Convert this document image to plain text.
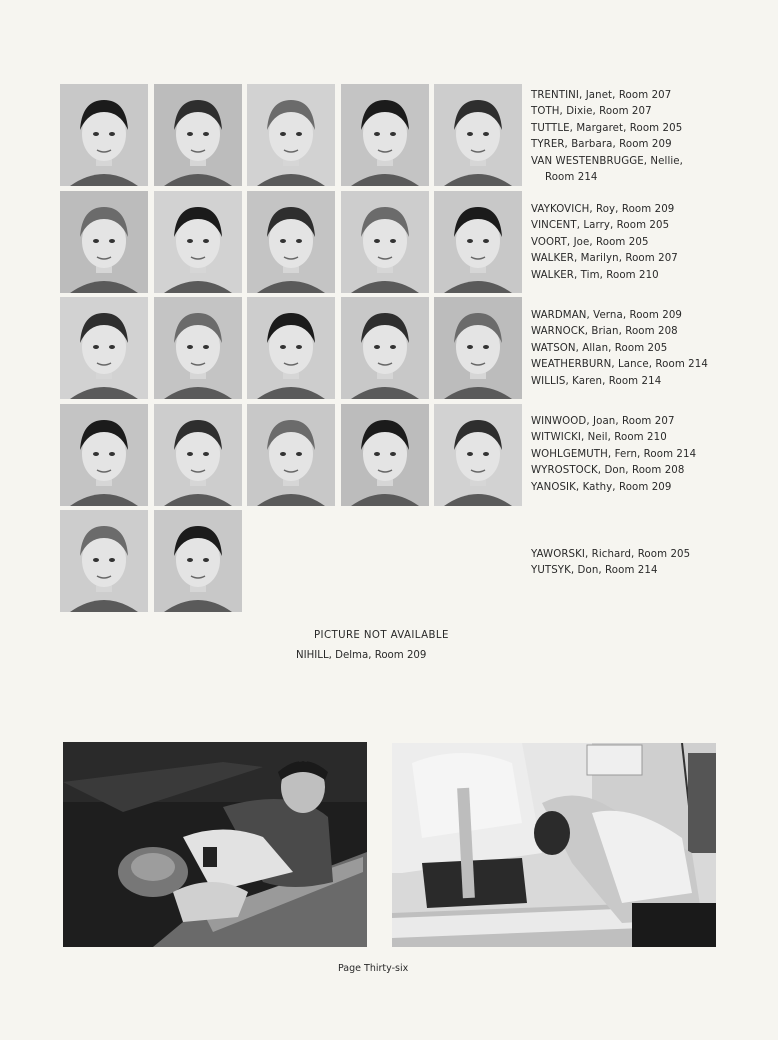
TRENTINI, Janet, Room 207
TOTH, Dixie, Room 207
TUTTLE, Margaret, Room 205
TYRER, Barbara, Room 209
VAN WESTENBRUGGE, Nellie,
Room 214
VAYKOVICH, Roy, Room 209
VINCENT, Larry, Room 205
VOORT, Joe, Room 205
WALKER, Marilyn, Room 207
WALKER, Tim, Room 210
WARDMAN, Verna, Room 209
WARNOCK, Brian, Room 208
WATSON, Allan, Room 205
WEATHERBURN, Lance, Room 214
WILLIS, Karen, Room 214
WINWOOD, Joan, Room 207
WITWICKI, Neil, Room 210
WOHLGEMUTH, Fern, Room 214
WYROSTOCK, Don, Room 208
YANOSIK, Kathy, Room 209
YAWORSKI, Richard, Room 205
YUTSYK, Don, Room 214
PICTURE NOT AVAILABLE
NIHILL, Delma, Room 209
Page Thirty-six
